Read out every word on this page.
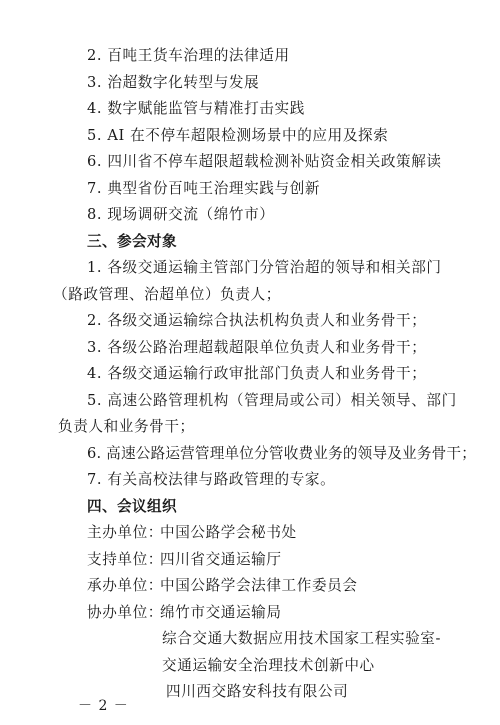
2. 百吨王货车治理的法律适用
3. 治超数字化转型与发展
4. 数字赋能监管与精准打击实践
5. AI 在不停车超限检测场景中的应用及探索
6. 四川省不停车超限超载检测补贴资金相关政策解读
7. 典型省份百吨王治理实践与创新
8. 现场调研交流（绵竹市）
三、参会对象
1. 各级交通运输主管部门分管治超的领导和相关部门
（路政管理、治超单位）负责人；
2. 各级交通运输综合执法机构负责人和业务骨干；
3. 各级公路治理超载超限单位负责人和业务骨干；
4. 各级交通运输行政审批部门负责人和业务骨干；
5. 高速公路管理机构（管理局或公司）相关领导、部门
负责人和业务骨干；
6. 高速公路运营管理单位分管收费业务的领导及业务骨干；
7. 有关高校法律与路政管理的专家。
四、会议组织
主办单位：
中国公路学会秘书处
支持单位：
四川省交通运输厅
承办单位：
中国公路学会法律工作委员会
协办单位：
绵竹市交通运输局
综合交通大数据应用技术国家工程实验室-
交通运输安全治理技术创新中心
四川西交路安科技有限公司
－ 2 －
